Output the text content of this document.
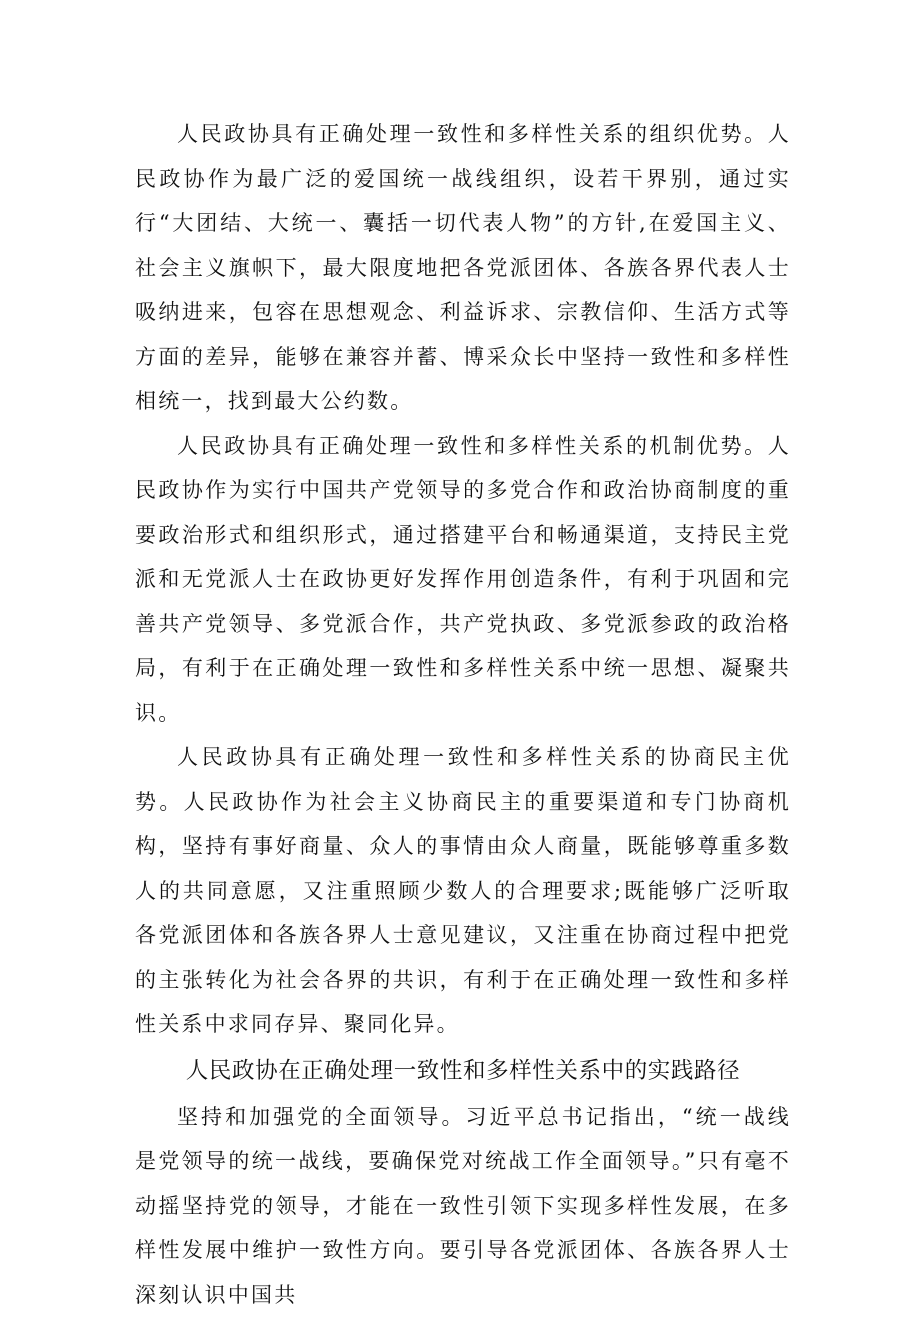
人民政协具有正确处理一致性和多样性关系的组织优势。人民政协作为最广泛的爱国统一战线组织，设若干界别，通过实行“大团结、大统一、囊括一切代表人物”的方针,在爱国主义、社会主义旗帜下，最大限度地把各党派团体、各族各界代表人士吸纳进来，包容在思想观念、利益诉求、宗教信仰、生活方式等方面的差异，能够在兼容并蓄、博采众长中坚持一致性和多样性相统一，找到最大公约数。

人民政协具有正确处理一致性和多样性关系的机制优势。人民政协作为实行中国共产党领导的多党合作和政治协商制度的重要政治形式和组织形式，通过搭建平台和畅通渠道，支持民主党派和无党派人士在政协更好发挥作用创造条件，有利于巩固和完善共产党领导、多党派合作，共产党执政、多党派参政的政治格局，有利于在正确处理一致性和多样性关系中统一思想、凝聚共识。

人民政协具有正确处理一致性和多样性关系的协商民主优势。人民政协作为社会主义协商民主的重要渠道和专门协商机构，坚持有事好商量、众人的事情由众人商量，既能够尊重多数人的共同意愿，又注重照顾少数人的合理要求;既能够广泛听取各党派团体和各族各界人士意见建议，又注重在协商过程中把党的主张转化为社会各界的共识，有利于在正确处理一致性和多样性关系中求同存异、聚同化异。

人民政协在正确处理一致性和多样性关系中的实践路径

坚持和加强党的全面领导。习近平总书记指出，“统一战线是党领导的统一战线，要确保党对统战工作全面领导。”只有毫不动摇坚持党的领导，才能在一致性引领下实现多样性发展，在多样性发展中维护一致性方向。要引导各党派团体、各族各界人士深刻认识中国共
